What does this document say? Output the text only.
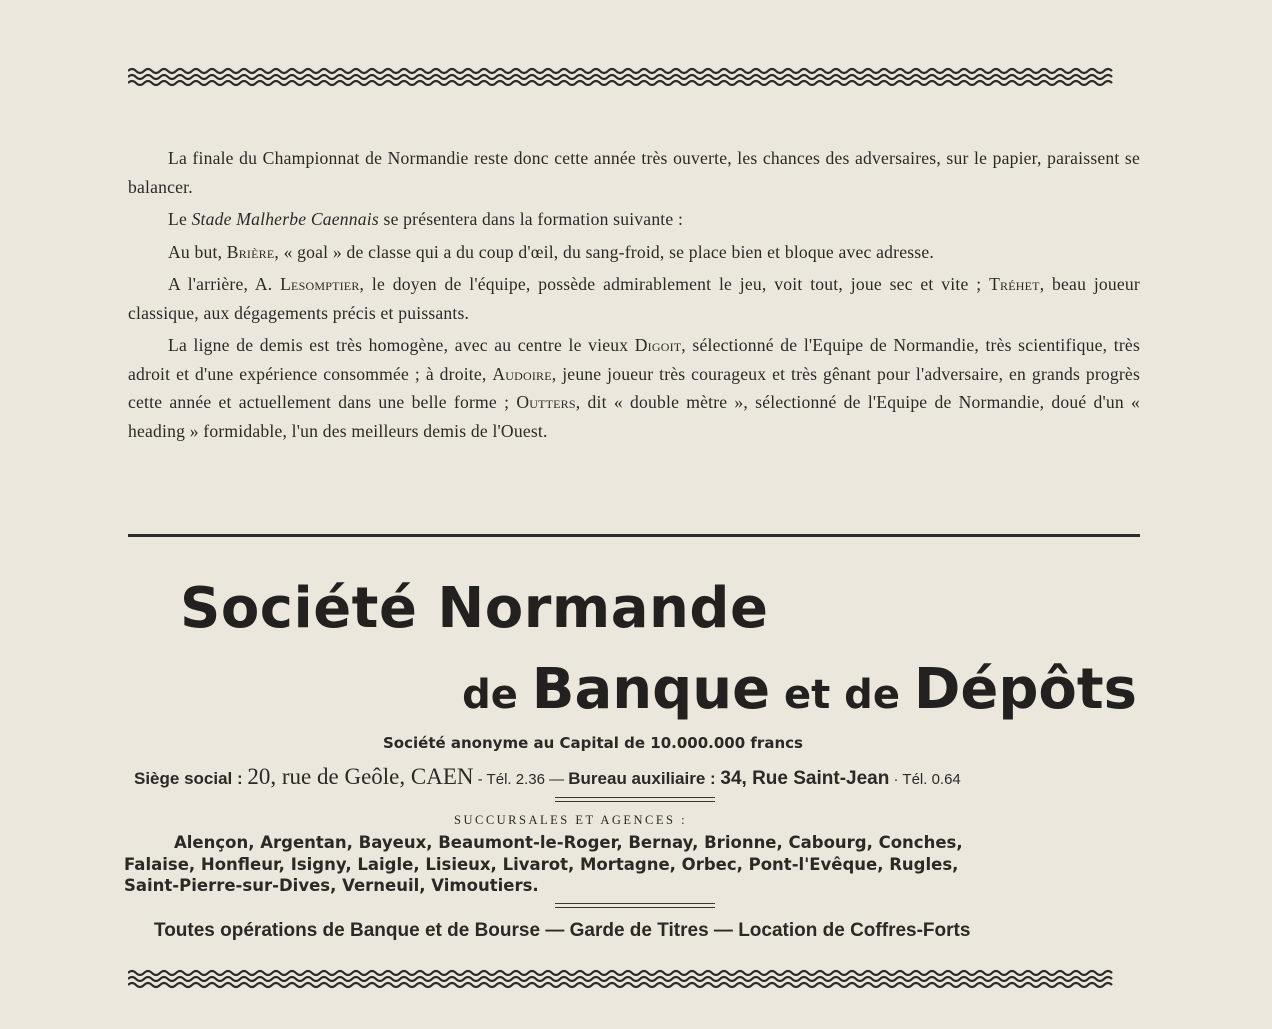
La finale du Championnat de Normandie reste donc cette année très ouverte, les chances des adversaires, sur le papier, paraissent se balancer.

Le Stade Malherbe Caennais se présentera dans la formation suivante :

Au but, Brière, « goal » de classe qui a du coup d'œil, du sang-froid, se place bien et bloque avec adresse.

A l'arrière, A. Lesomptier, le doyen de l'équipe, possède admirablement le jeu, voit tout, joue sec et vite ; Tréhet, beau joueur classique, aux dégagements précis et puissants.

La ligne de demis est très homogène, avec au centre le vieux Digoit, sélectionné de l'Equipe de Normandie, très scientifique, très adroit et d'une expérience consommée ; à droite, Audoire, jeune joueur très courageux et très gênant pour l'adversaire, en grands progrès cette année et actuellement dans une belle forme ; Outters, dit « double mètre », sélectionné de l'Equipe de Normandie, doué d'un « heading » formidable, l'un des meilleurs demis de l'Ouest.

Société Normande
de Banque et de Dépôts
Société anonyme au Capital de 10.000.000 francs
Siège social : 20, rue de Geôle, CAEN - Tél. 2.36 — Bureau auxiliaire : 34, Rue Saint-Jean · Tél. 0.64
SUCCURSALES ET AGENCES :
Alençon, Argentan, Bayeux, Beaumont-le-Roger, Bernay, Brionne, Cabourg, Conches,
Falaise, Honfleur, Isigny, Laigle, Lisieux, Livarot, Mortagne, Orbec, Pont-l'Evêque, Rugles,
Saint-Pierre-sur-Dives, Verneuil, Vimoutiers.
Toutes opérations de Banque et de Bourse — Garde de Titres — Location de Coffres-Forts
